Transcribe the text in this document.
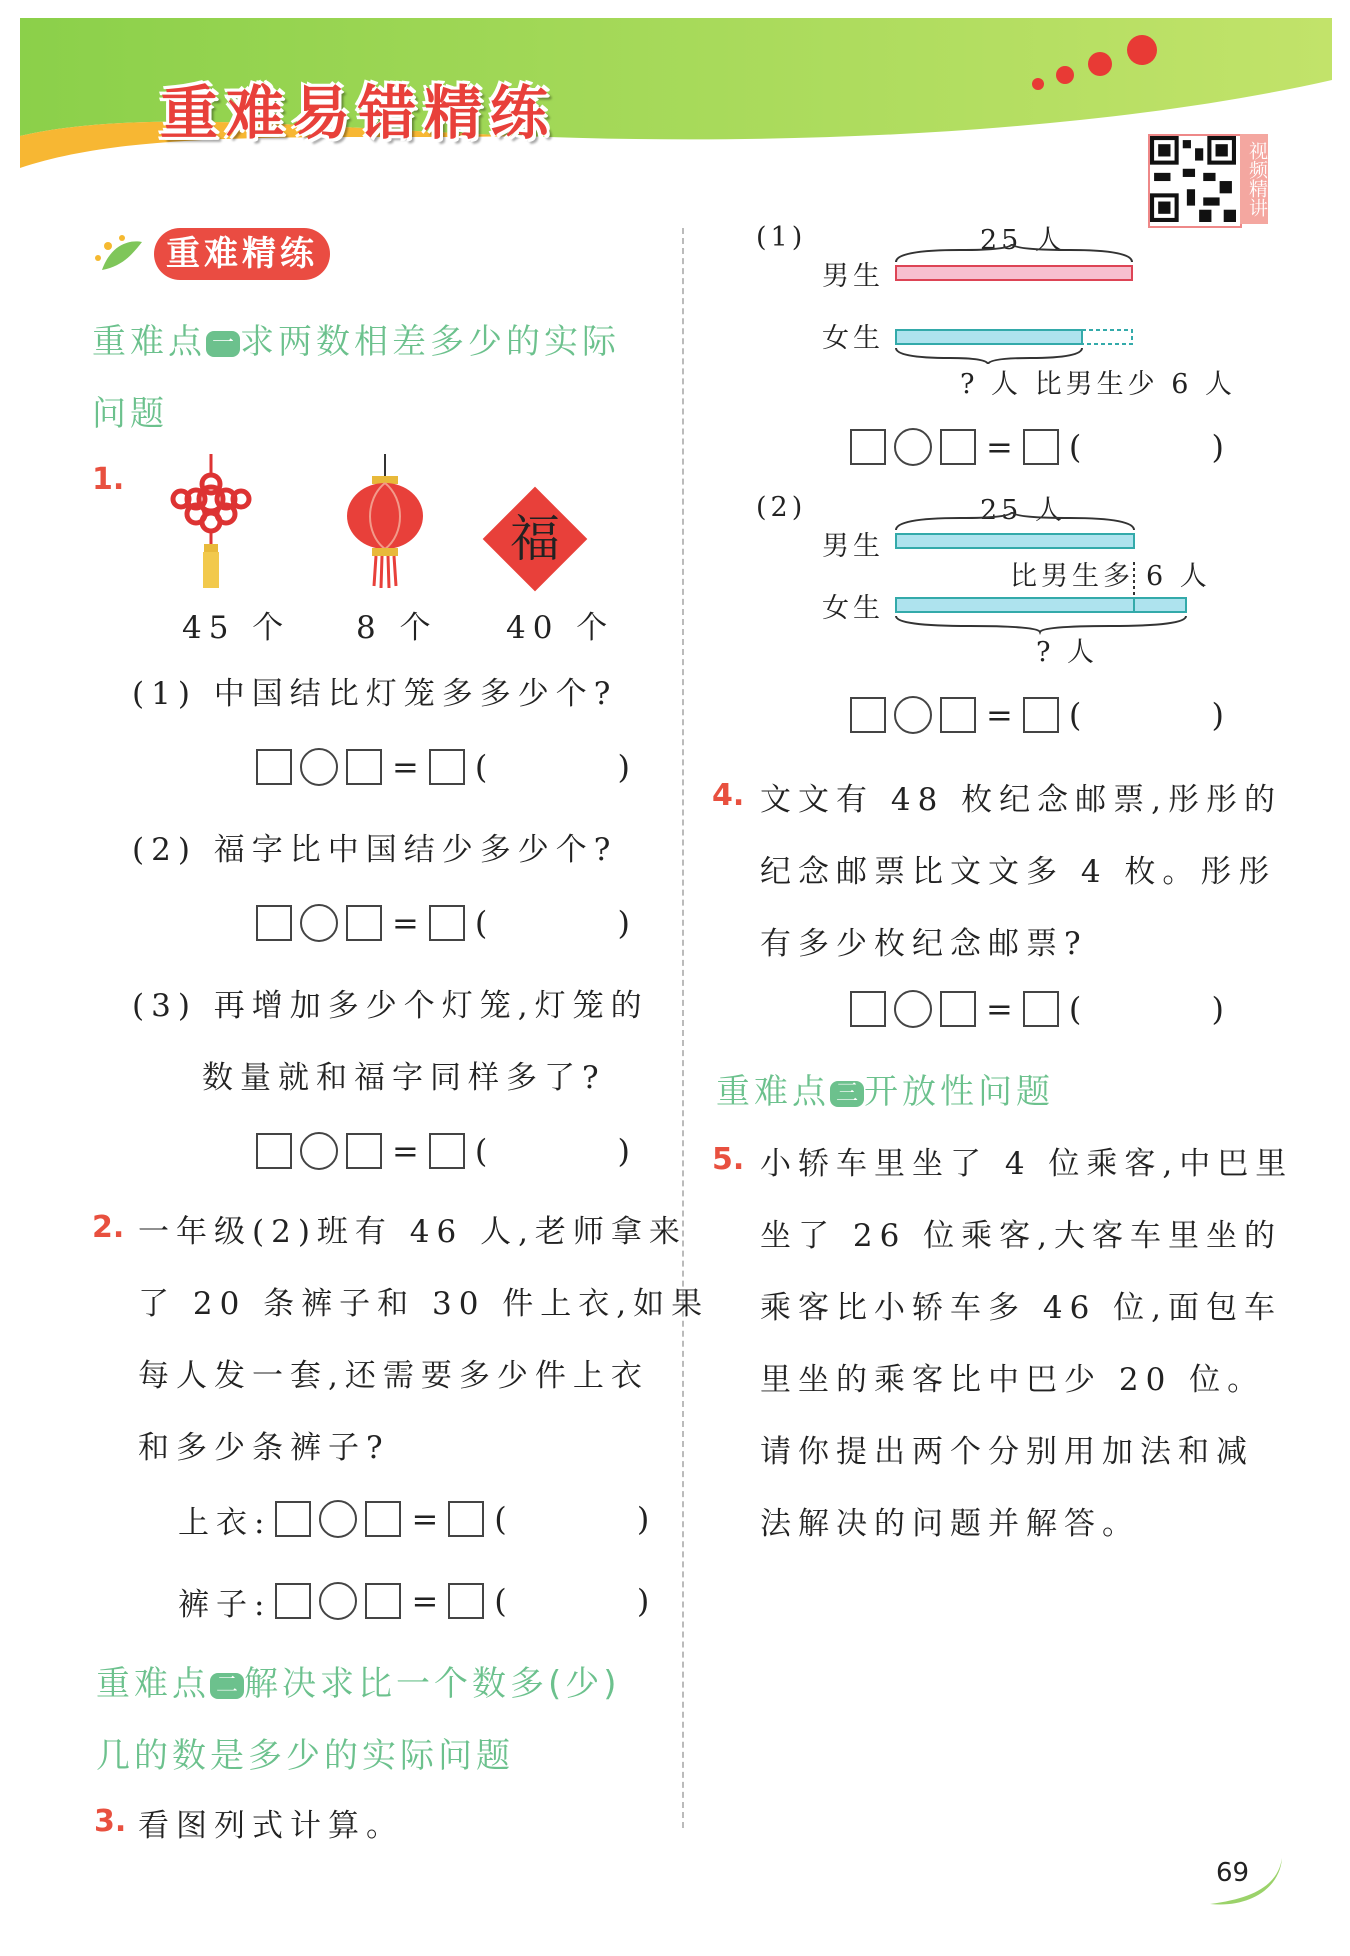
重难易错精练
视频精讲
重难精练
重难点 一 求两数相差多少的实际
问题
1.
福
45 个 8 个 40 个
(1) 中国结比灯笼多多少个?
= ( )
(2) 福字比中国结少多少个?
= ( )
(3) 再增加多少个灯笼,灯笼的
数量就和福字同样多了?
= ( )
2. 一年级(2)班有 46 人,老师拿来
了 20 条裤子和 30 件上衣,如果
每人发一套,还需要多少件上衣
和多少条裤子?
上衣:	= ( )
裤子:	= ( )
重难点 二 解决求比一个数多(少)
几的数是多少的实际问题
3. 看图列式计算。
(1)	25 人
男生
女生
? 人 比男生少 6 人
= ( )
(2)	25 人
男生
比男生多 6 人
女生
? 人
= ( )
4. 文文有 48 枚纪念邮票,彤彤的
纪念邮票比文文多 4 枚。彤彤
有多少枚纪念邮票?
= ( )
重难点 三 开放性问题
5. 小轿车里坐了 4 位乘客,中巴里
坐了 26 位乘客,大客车里坐的
乘客比小轿车多 46 位,面包车
里坐的乘客比中巴少 20 位。
请你提出两个分别用加法和减
法解决的问题并解答。
69
